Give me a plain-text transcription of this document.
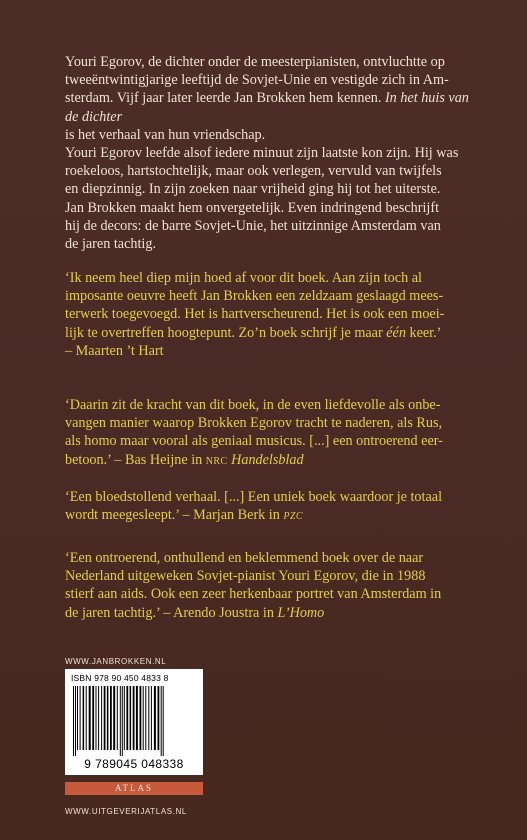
Youri Egorov, de dichter onder de meesterpianisten, ontvluchtte op
tweeëntwintigjarige leeftijd de Sovjet-Unie en vestigde zich in Am-
sterdam. Vijf jaar later leerde Jan Brokken hem kennen. In het huis van de dichter
is het verhaal van hun vriendschap.

Youri Egorov leefde alsof iedere minuut zijn laatste kon zijn. Hij was
roekeloos, hartstochtelijk, maar ook verlegen, vervuld van twijfels
en diepzinnig. In zijn zoeken naar vrijheid ging hij tot het uiterste.
Jan Brokken maakt hem onvergetelijk. Even indringend beschrijft
hij de decors: de barre Sovjet-Unie, het uitzinnige Amsterdam van
de jaren tachtig.

‘Ik neem heel diep mijn hoed af voor dit boek. Aan zijn toch al
imposante oeuvre heeft Jan Brokken een zeldzaam geslaagd mees-
terwerk toegevoegd. Het is hartverscheurend. Het is ook een moei-
lijk te overtreffen hoogtepunt. Zo’n boek schrijf je maar één keer.’
– Maarten ’t Hart

‘Daarin zit de kracht van dit boek, in de even liefdevolle als onbe-
vangen manier waarop Brokken Egorov tracht te naderen, als Rus,
als homo maar vooral als geniaal musicus. [...] een ontroerend eer-
betoon.’ – Bas Heijne in nrc Handelsblad

‘Een bloedstollend verhaal. [...] Een uniek boek waardoor je totaal
wordt meegesleept.’ – Marjan Berk in pzc

‘Een ontroerend, onthullend en beklemmend boek over de naar
Nederland uitgeweken Sovjet-pianist Youri Egorov, die in 1988
stierf aan aids. Ook een zeer herkenbaar portret van Amsterdam in
de jaren tachtig.’ – Arendo Joustra in L’Homo

WWW.JANBROKKEN.NL
ISBN 978 90 450 4833 8
9 789045 048338
ATLAS
WWW.UITGEVERIJATLAS.NL
